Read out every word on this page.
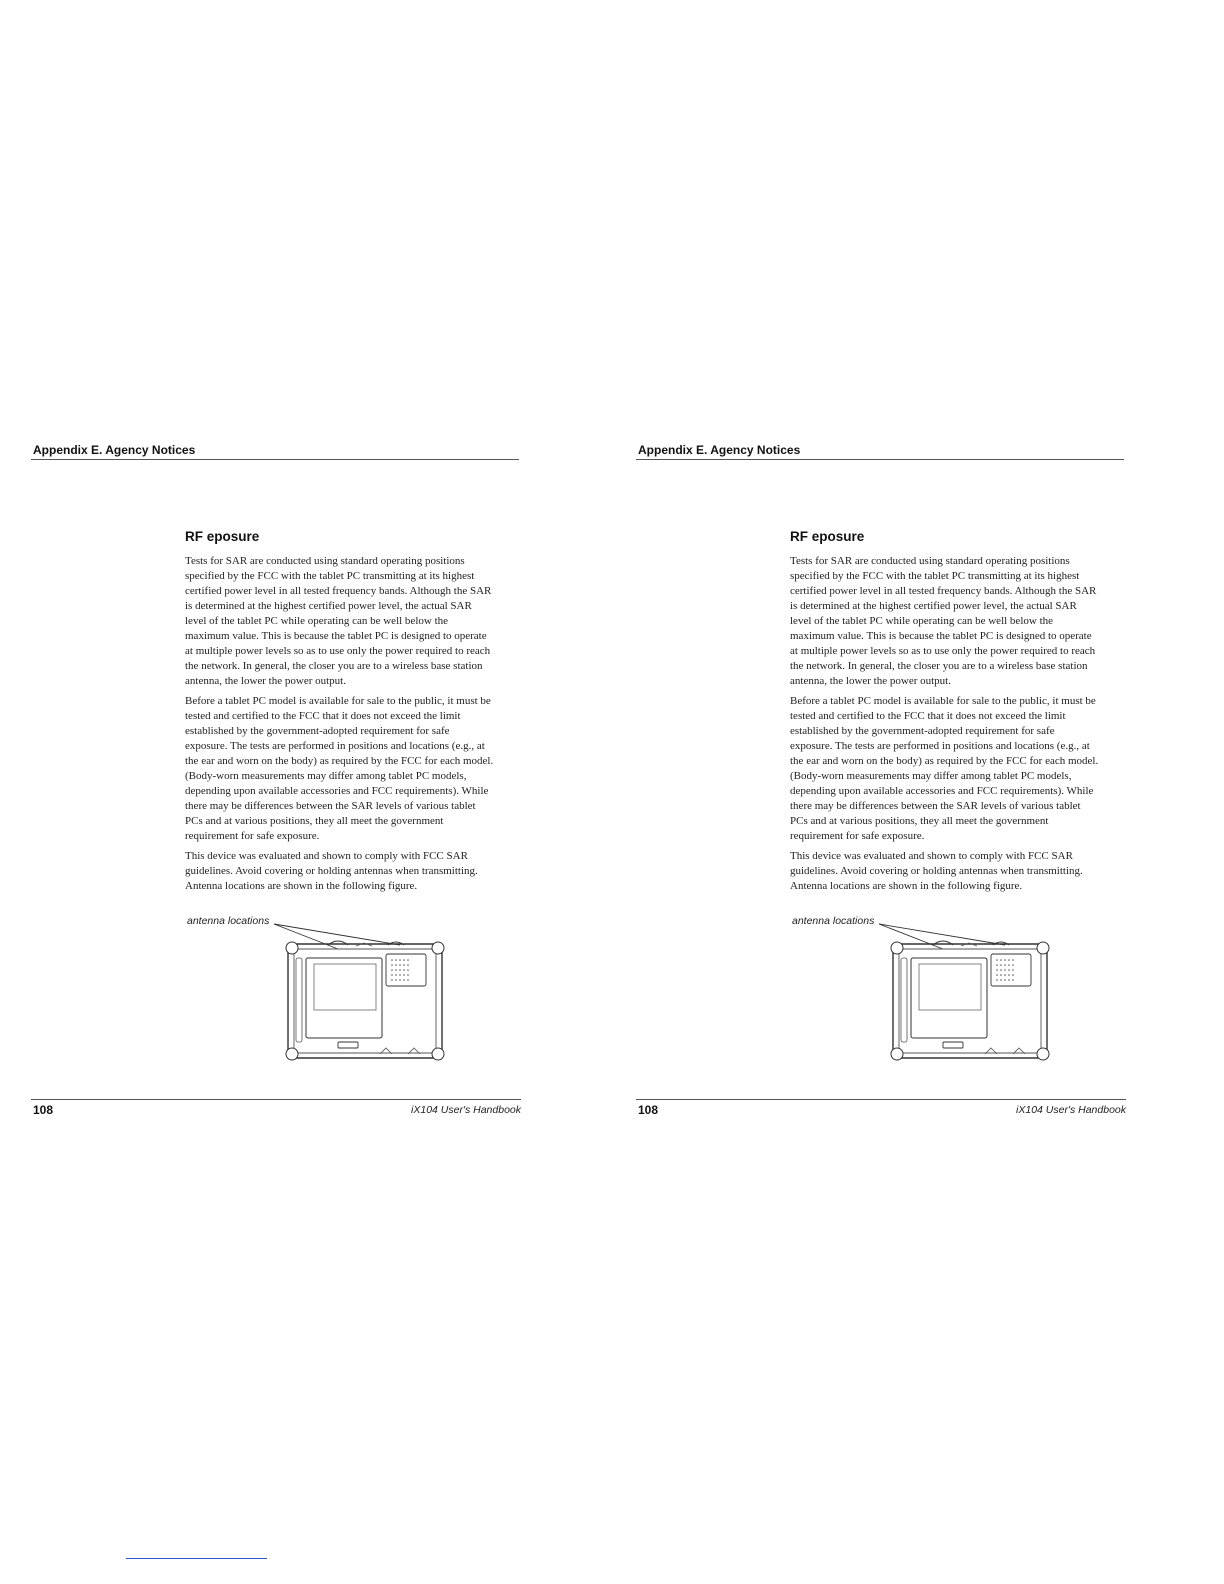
Appendix E. Agency Notices
RF eposure

Tests for SAR are conducted using standard operating positions
specified by the FCC with the tablet PC transmitting at its highest
certified power level in all tested frequency bands. Although the SAR
is determined at the highest certified power level, the actual SAR
level of the tablet PC while operating can be well below the
maximum value. This is because the tablet PC is designed to operate
at multiple power levels so as to use only the power required to reach
the network. In general, the closer you are to a wireless base station
antenna, the lower the power output.

Before a tablet PC model is available for sale to the public, it must be
tested and certified to the FCC that it does not exceed the limit
established by the government-adopted requirement for safe
exposure. The tests are performed in positions and locations (e.g., at
the ear and worn on the body) as required by the FCC for each model.
(Body-worn measurements may differ among tablet PC models,
depending upon available accessories and FCC requirements). While
there may be differences between the SAR levels of various tablet
PCs and at various positions, they all meet the government
requirement for safe exposure.

This device was evaluated and shown to comply with FCC SAR
guidelines. Avoid covering or holding antennas when transmitting.
Antenna locations are shown in the following figure.

antenna locations
108	iX104 User's Handbook
Appendix E. Agency Notices
RF eposure

Tests for SAR are conducted using standard operating positions
specified by the FCC with the tablet PC transmitting at its highest
certified power level in all tested frequency bands. Although the SAR
is determined at the highest certified power level, the actual SAR
level of the tablet PC while operating can be well below the
maximum value. This is because the tablet PC is designed to operate
at multiple power levels so as to use only the power required to reach
the network. In general, the closer you are to a wireless base station
antenna, the lower the power output.

Before a tablet PC model is available for sale to the public, it must be
tested and certified to the FCC that it does not exceed the limit
established by the government-adopted requirement for safe
exposure. The tests are performed in positions and locations (e.g., at
the ear and worn on the body) as required by the FCC for each model.
(Body-worn measurements may differ among tablet PC models,
depending upon available accessories and FCC requirements). While
there may be differences between the SAR levels of various tablet
PCs and at various positions, they all meet the government
requirement for safe exposure.

This device was evaluated and shown to comply with FCC SAR
guidelines. Avoid covering or holding antennas when transmitting.
Antenna locations are shown in the following figure.

antenna locations
108	iX104 User's Handbook
